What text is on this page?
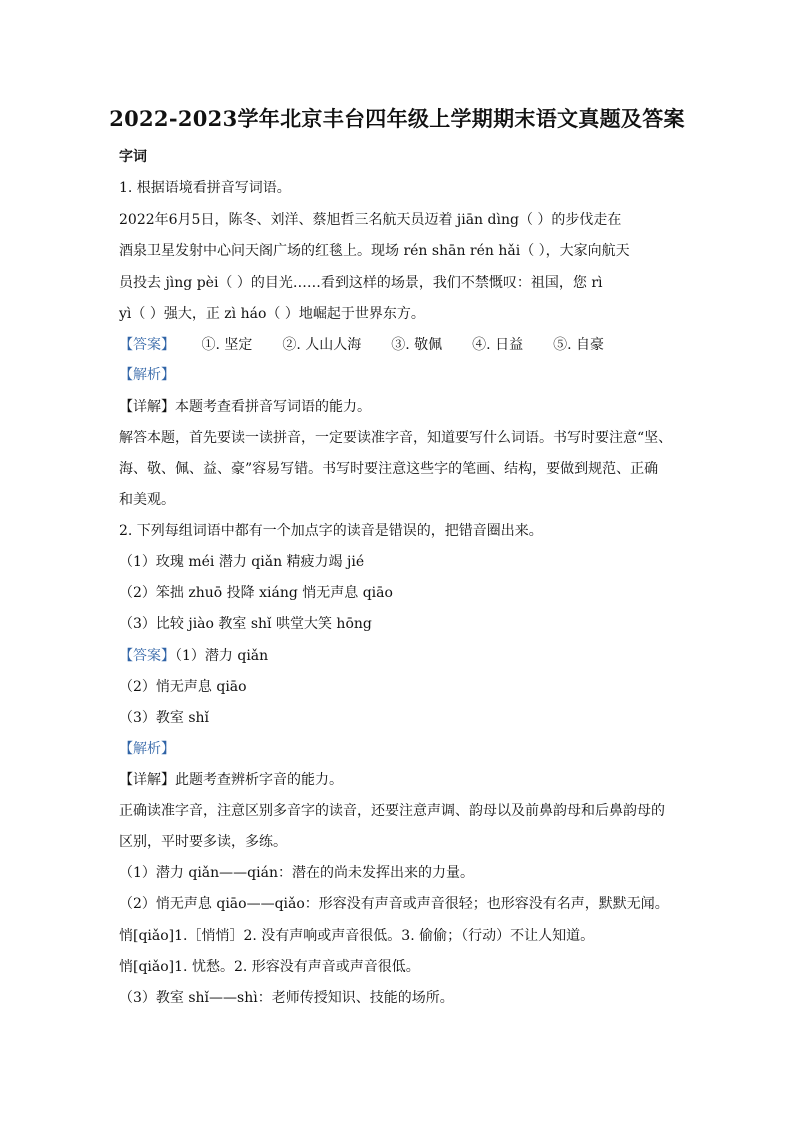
2022-2023学年北京丰台四年级上学期期末语文真题及答案
字词
1. 根据语境看拼音写词语。
2022年6月5日，陈冬、刘洋、蔡旭哲三名航天员迈着 jiān dìng（ ）的步伐走在
酒泉卫星发射中心问天阁广场的红毯上。现场 rén shān rén hǎi（ ），大家向航天
员投去 jìng pèi（ ）的目光……看到这样的场景，我们不禁慨叹：祖国，您 rì
yì（ ）强大，正 zì háo（ ）地崛起于世界东方。
【答案】 ①. 坚定 ②. 人山人海 ③. 敬佩 ④. 日益 ⑤. 自豪
【解析】
【详解】本题考查看拼音写词语的能力。
解答本题，首先要读一读拼音，一定要读准字音，知道要写什么词语。书写时要注意“坚、
海、敬、佩、益、豪”容易写错。书写时要注意这些字的笔画、结构，要做到规范、正确
和美观。
2. 下列每组词语中都有一个加点字的读音是错误的，把错音圈出来。
（1）玫瑰 méi 潜力 qiǎn 精疲力竭 jié
（2）笨拙 zhuō 投降 xiáng 悄无声息 qiāo
（3）比较 jiào 教室 shǐ 哄堂大笑 hōng
【答案】（1）潜力 qiǎn
（2）悄无声息 qiāo
（3）教室 shǐ
【解析】
【详解】此题考查辨析字音的能力。
正确读准字音，注意区别多音字的读音，还要注意声调、韵母以及前鼻韵母和后鼻韵母的
区别，平时要多读，多练。
（1）潜力 qiǎn——qián：潜在的尚未发挥出来的力量。
（2）悄无声息 qiāo——qiǎo：形容没有声音或声音很轻；也形容没有名声，默默无闻。
悄[qiǎo]1.［悄悄］2. 没有声响或声音很低。3. 偷偷；（行动）不让人知道。
悄[qiǎo]1. 忧愁。2. 形容没有声音或声音很低。
（3）教室 shǐ——shì：老师传授知识、技能的场所。
